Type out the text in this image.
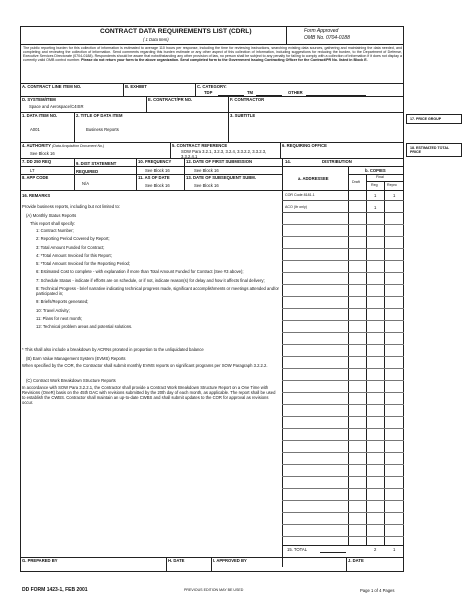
CONTRACT DATA REQUIREMENTS LIST (CDRL)
( 1 Data Item)
Form Approved
OMB No. 0704-0188
The public reporting burden for this collection of information is estimated to average 110 hours per response, including the time for reviewing instructions, searching existing data sources, gathering and maintaining the data needed, and completing and reviewing the collection of information. Send comments regarding this burden estimate or any other aspect of this collection of information, including suggestions for reducing the burden, to the Department of Defense, Executive Services Directorate (0704-0188). Respondents should be aware that notwithstanding any other provision of law, no person shall be subject to any penalty for failing to comply with a collection of information if it does not display a currently valid OMB control number. Please do not return your form to the above organization. Send completed form to the Government Issuing Contracting Officer for the Contract/PR No. listed in Block E.
A. CONTRACT LINE ITEM NO.	B. EXHIBIT	C. CATEGORY:
TDP	TM	OTHER
D. SYSTEM/ITEM
Space and Aerospace/C4ISR
E. CONTRACT/PR NO.	F. CONTRACTOR
1. DATA ITEM NO.
A001
2. TITLE OF DATA ITEM
Business Reports
3. SUBTITLE
4. AUTHORITY (Data Acquisition Document No.)
See Block 16
5. CONTRACT REFERENCE
SOW Para 3.2.1, 3.2.3, 3.2.4, 3.3.2.2, 3.3.2.3, 3.3.2.4.1
6. REQUIRING OFFICE
7. DD 250 REQ
LT
9. DIST STATEMENT REQUIRED
10. FREQUENCY
See Block 16
12. DATE OF FIRST SUBMISSION
See Block 16
14.	DISTRIBUTION
8. APP CODE
N/A
11. AS OF DATE
See Block 16
13. DATE OF SUBSEQUENT SUBM.
See Block 16
a. ADDRESSEE
b. COPIES
Draft
Final
Reg	Repro
COR Code 8181.1	1	1
ACO (Itr only)	1
16. REMARKS
Provide business reports, including but not limited to:
(A) Monthly Status Reports
This report shall specify:
1: Contract Number;
2: Reporting Period Covered by Report;
3: Total Amount Funded for Contract;
4: *Total Amount Invoiced for this Report;
5: *Total Amount Invoiced for the Reporting Period;
6: Estimated Cost to complete - with explanation if more than Total Amount Funded for Contract (See #3 above);
7: Schedule Status - indicate if efforts are on schedule, or if not, indicate reason(s) for delay and how it affects final delivery;
8: Technical Progress - brief narrative indicating technical progress made, significant accomplishments or meetings attended and/or participated in;
9: Briefs/Reports generated;
10: Travel Activity;
11: Plans for next month;
12: Technical problem areas and potential solutions.
* This shall also include a breakdown by ACRNs prorated in proportion to the unliquidated balance
(B) Earn Value Management System (EVMS) Reports
When specified by the COR, the Contractor shall submit monthly EVMS reports on significant programs per SOW Paragraph 3.2.2.2.
(C) Contract Work Breakdown Structure Reports
In accordance with SOW Para 3.2.2.1, the Contractor shall provide a Contract Work Breakdown Structure Report on a One Time with Revisions (OneR) basis on the 45th DAC with revisions submitted by the 20th day of each month, as applicable. The report shall be used to establish the CWBS. Contractor shall maintain an up-to-date CWBS and shall submit updates to the COR for approval as revisions occur.
15. TOTAL	2	1
G. PREPARED BY	H. DATE	I. APPROVED BY	J. DATE
DD FORM 1423-1, FEB 2001	PREVIOUS EDITION MAY BE USED	Page 1 of 4 Pages
17. PRICE GROUP
18. ESTIMATED TOTAL PRICE
